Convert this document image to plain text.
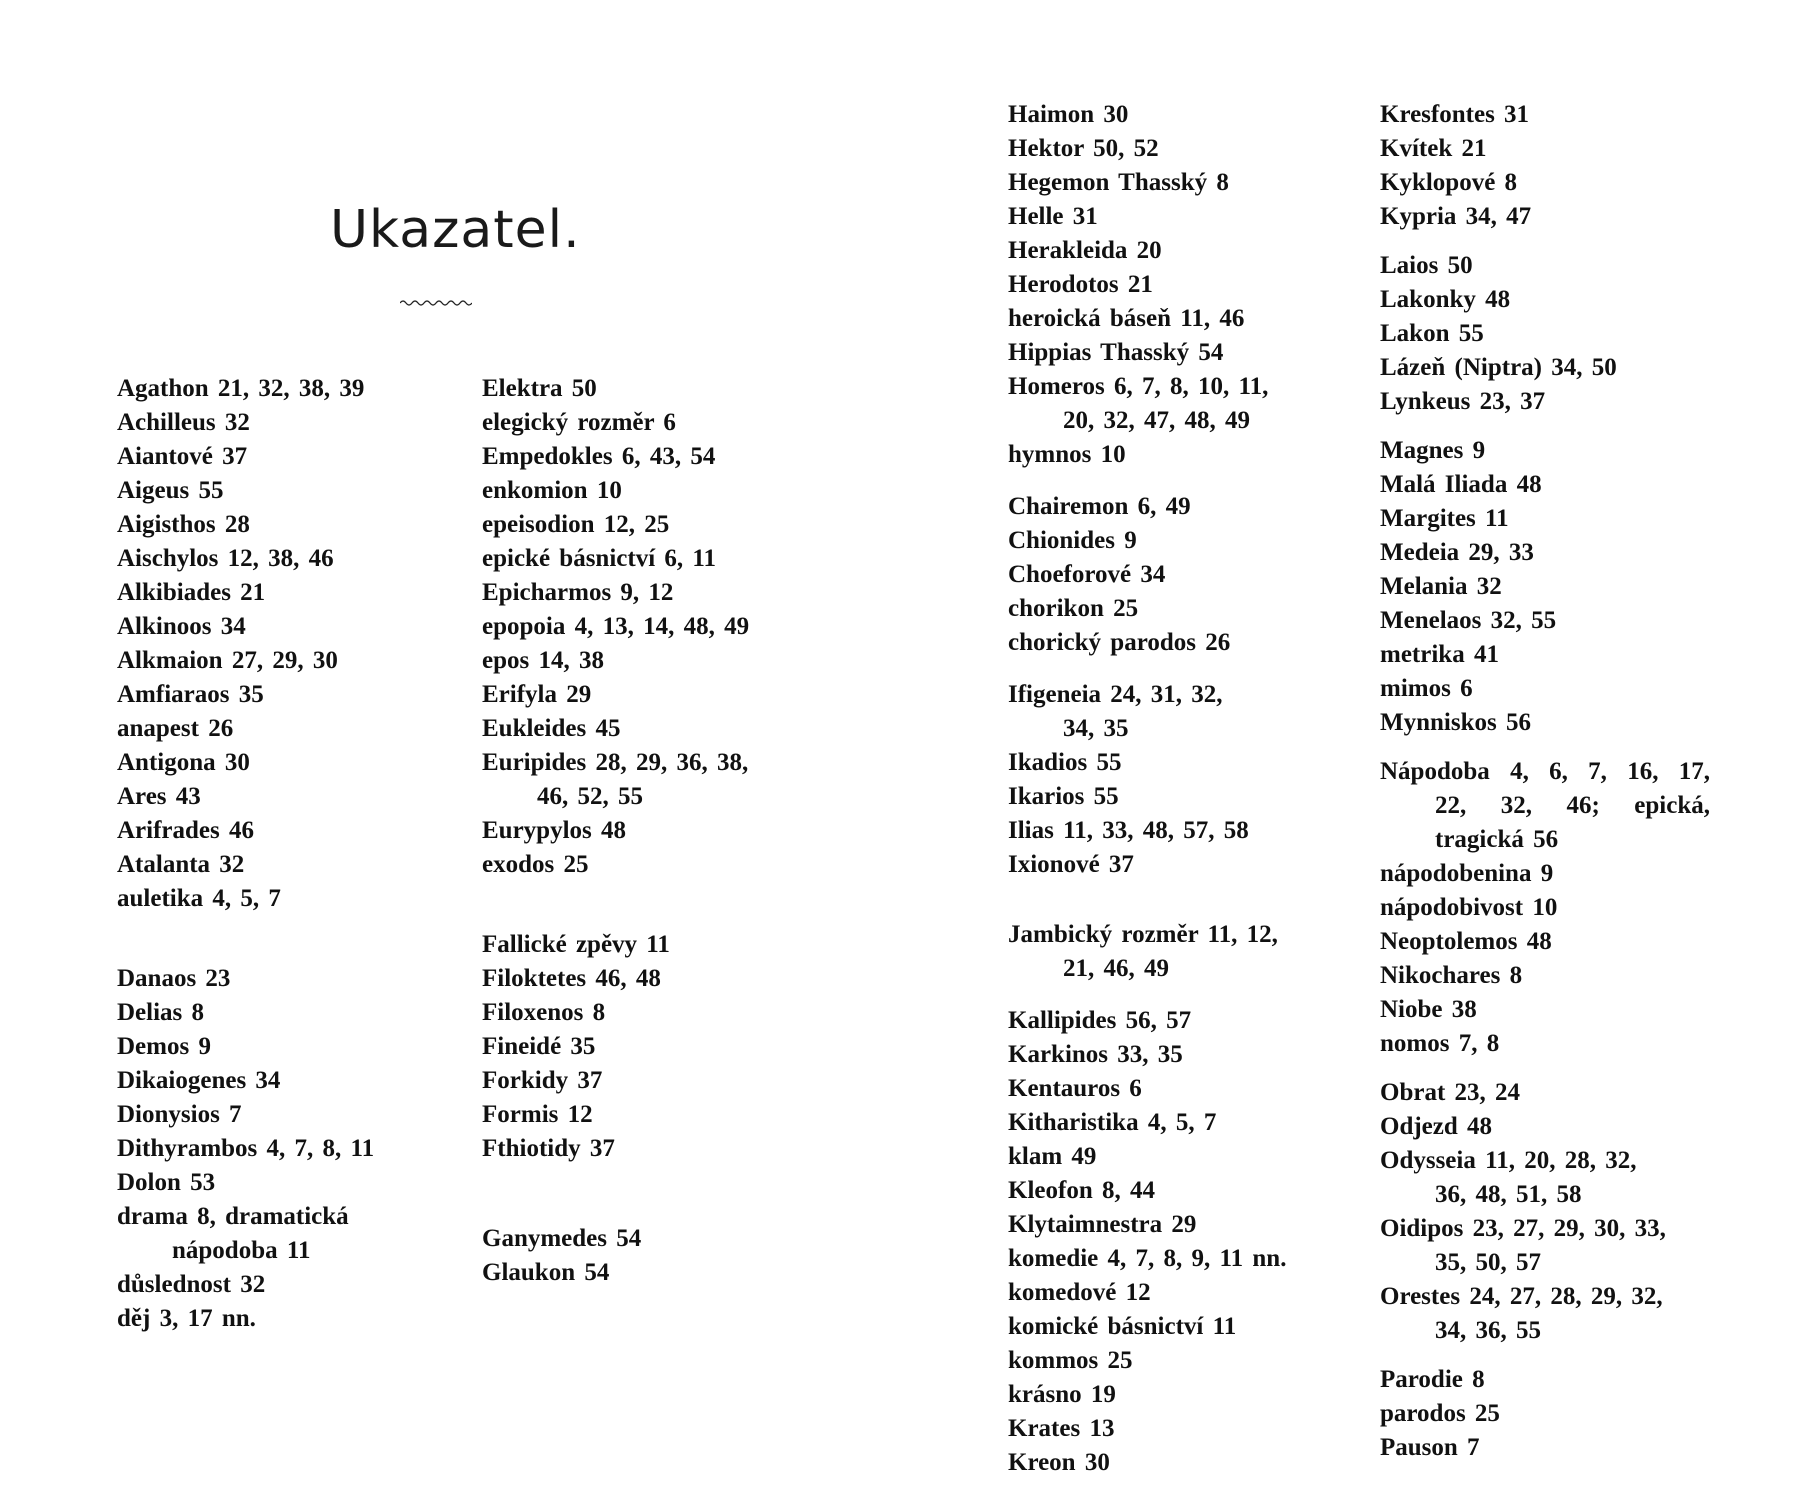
Ukazatel.
Agathon 21, 32, 38, 39
Achilleus 32
Aiantové 37
Aigeus 55
Aigisthos 28
Aischylos 12, 38, 46
Alkibiades 21
Alkinoos 34
Alkmaion 27, 29, 30
Amfiaraos 35
anapest 26
Antigona 30
Ares 43
Arifrades 46
Atalanta 32
auletika 4, 5, 7
Danaos 23
Delias 8
Demos 9
Dikaiogenes 34
Dionysios 7
Dithyrambos 4, 7, 8, 11
Dolon 53
drama 8, dramatická
nápodoba 11
důslednost 32
děj 3, 17 nn.
Elektra 50
elegický rozměr 6
Empedokles 6, 43, 54
enkomion 10
epeisodion 12, 25
epické básnictví 6, 11
Epicharmos 9, 12
epopoia 4, 13, 14, 48, 49
epos 14, 38
Erifyla 29
Eukleides 45
Euripides 28, 29, 36, 38,
46, 52, 55
Eurypylos 48
exodos 25
Fallické zpěvy 11
Filoktetes 46, 48
Filoxenos 8
Fineidé 35
Forkidy 37
Formis 12
Fthiotidy 37
Ganymedes 54
Glaukon 54
Haimon 30
Hektor 50, 52
Hegemon Thasský 8
Helle 31
Herakleida 20
Herodotos 21
heroická báseň 11, 46
Hippias Thasský 54
Homeros 6, 7, 8, 10, 11,
20, 32, 47, 48, 49
hymnos 10
Chairemon 6, 49
Chionides 9
Choeforové 34
chorikon 25
chorický parodos 26
Ifigeneia 24, 31, 32,
34, 35
Ikadios 55
Ikarios 55
Ilias 11, 33, 48, 57, 58
Ixionové 37
Jambický rozměr 11, 12,
21, 46, 49
Kallipides 56, 57
Karkinos 33, 35
Kentauros 6
Kitharistika 4, 5, 7
klam 49
Kleofon 8, 44
Klytaimnestra 29
komedie 4, 7, 8, 9, 11 nn.
komedové 12
komické básnictví 11
kommos 25
krásno 19
Krates 13
Kreon 30
Kresfontes 31
Kvítek 21
Kyklopové 8
Kypria 34, 47
Laios 50
Lakonky 48
Lakon 55
Lázeň (Niptra) 34, 50
Lynkeus 23, 37
Magnes 9
Malá Iliada 48
Margites 11
Medeia 29, 33
Melania 32
Menelaos 32, 55
metrika 41
mimos 6
Mynniskos 56
Nápodoba 4, 6, 7, 16, 17,
22, 32, 46; epická,
tragická 56
nápodobenina 9
nápodobivost 10
Neoptolemos 48
Nikochares 8
Niobe 38
nomos 7, 8
Obrat 23, 24
Odjezd 48
Odysseia 11, 20, 28, 32,
36, 48, 51, 58
Oidipos 23, 27, 29, 30, 33,
35, 50, 57
Orestes 24, 27, 28, 29, 32,
34, 36, 55
Parodie 8
parodos 25
Pauson 7
